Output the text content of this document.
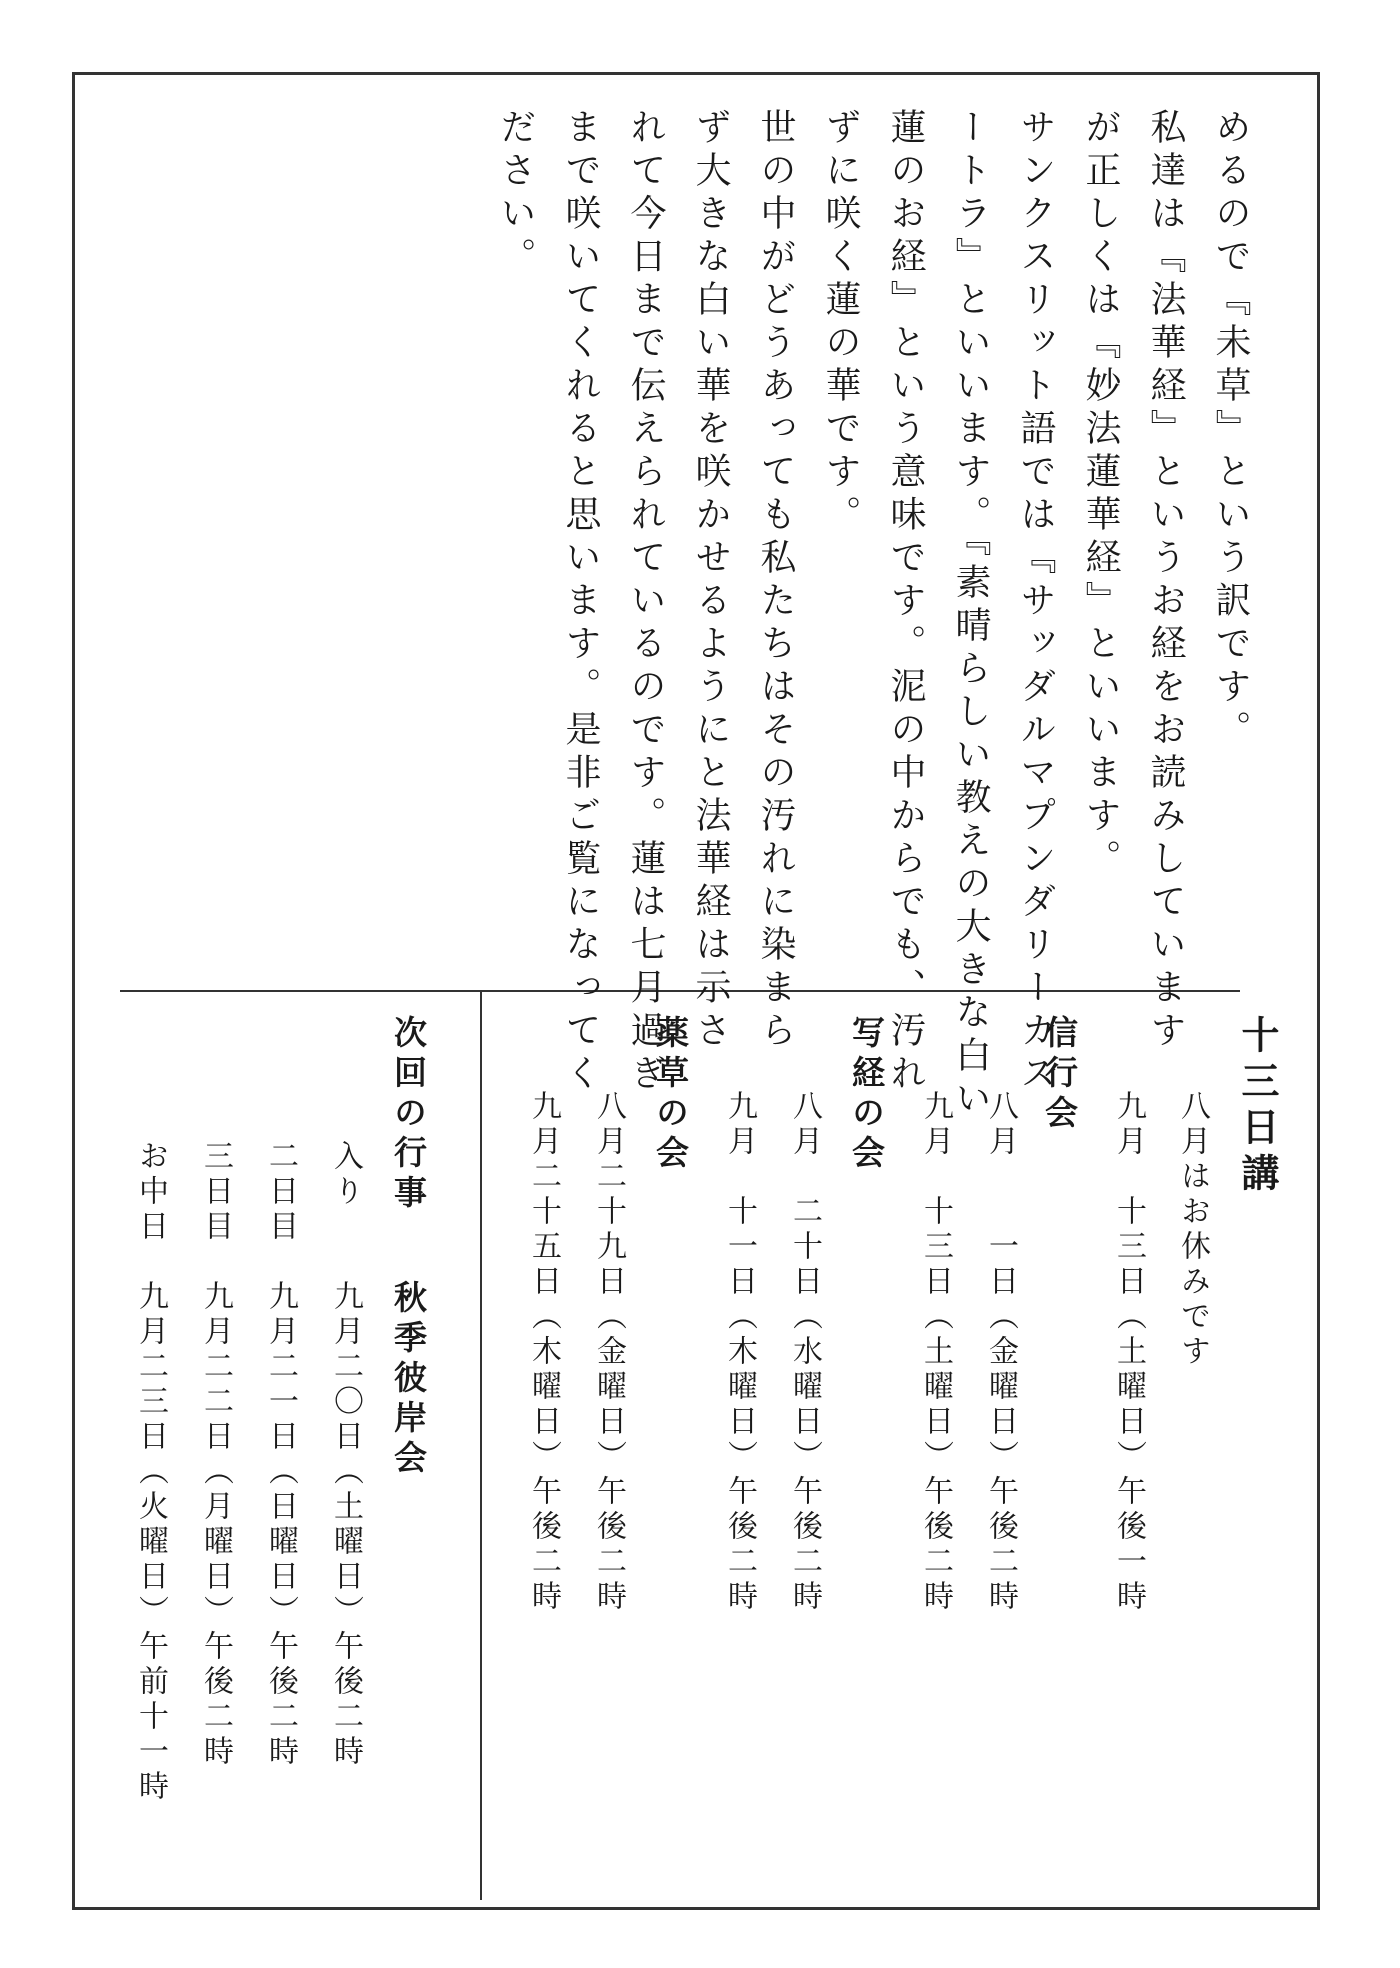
めるので『未草』という訳です。
私達は『法華経』というお経をお読みしています
が正しくは『妙法蓮華経』といいます。
サンクスリット語では『サッダルマプンダリーカス
ートラ』といいます。『素晴らしい教えの大きな白い
蓮のお経』という意味です。泥の中からでも、汚れ
ずに咲く蓮の華です。
世の中がどうあっても私たちはその汚れに染まら
ず大きな白い華を咲かせるようにと法華経は示さ
れて今日まで伝えられているのです。蓮は七月過ぎ
まで咲いてくれると思います。是非ご覧になってく
ださい。
十三日講
八月はお休みです
九月　十三日（土曜日）午後一時
信行会
八月　　一日（金曜日）午後二時
九月　十三日（土曜日）午後二時
写経の会
八月　二十日（水曜日）午後二時
九月　十一日（木曜日）午後二時
薬草の会
八月二十九日（金曜日）午後二時
九月二十五日（木曜日）午後二時
次回の行事
秋季彼岸会
入り　　九月二〇日（土曜日）午後二時
二日目　九月二一日（日曜日）午後二時
三日目　九月二二日（月曜日）午後二時
お中日　九月二三日（火曜日）午前十一時
